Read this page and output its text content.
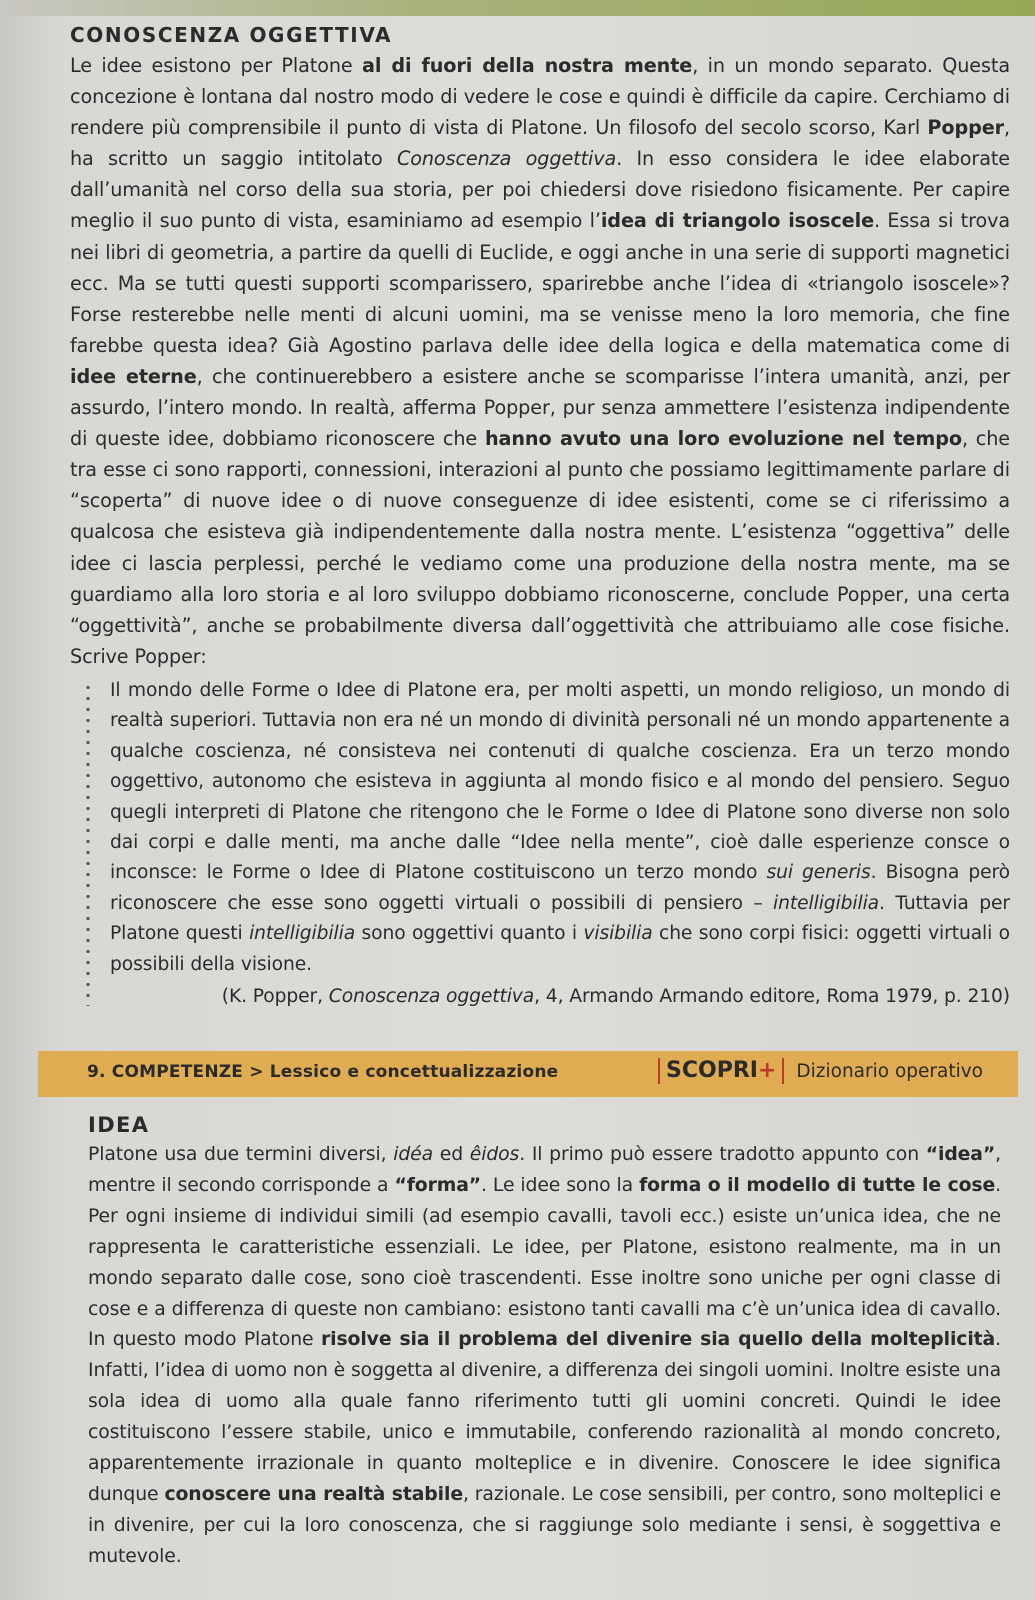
CONOSCENZA OGGETTIVA

Le idee esistono per Platone al di fuori della nostra mente, in un mondo separato. Questa concezione è lontana dal nostro modo di vedere le cose e quindi è difficile da capire. Cerchiamo di rendere più comprensibile il punto di vista di Platone. Un filosofo del secolo scorso, Karl Popper, ha scritto un saggio intitolato Conoscenza oggettiva. In esso considera le idee elaborate dall’umanità nel corso della sua storia, per poi chiedersi dove risiedono fisicamente. Per capire meglio il suo punto di vista, esaminiamo ad esempio l’idea di triangolo isoscele. Essa si trova nei libri di geometria, a partire da quelli di Euclide, e oggi anche in una serie di supporti magnetici ecc. Ma se tutti questi supporti scomparissero, sparirebbe anche l’idea di «triangolo isoscele»? Forse resterebbe nelle menti di alcuni uomini, ma se venisse meno la loro memoria, che fine farebbe questa idea? Già Agostino parlava delle idee della logica e della matematica come di idee eterne, che continuerebbero a esistere anche se scomparisse l’intera umanità, anzi, per assurdo, l’intero mondo. In realtà, afferma Popper, pur senza ammettere l’esistenza indipendente di queste idee, dobbiamo riconoscere che hanno avuto una loro evoluzione nel tempo, che tra esse ci sono rapporti, connessioni, interazioni al punto che possiamo legittimamente parlare di “scoperta” di nuove idee o di nuove conseguenze di idee esistenti, come se ci riferissimo a qualcosa che esisteva già indipendentemente dalla nostra mente. L’esistenza “oggettiva” delle idee ci lascia perplessi, perché le vediamo come una produzione della nostra mente, ma se guardiamo alla loro storia e al loro sviluppo dobbiamo riconoscerne, conclude Popper, una certa “oggettività”, anche se probabilmente diversa dall’oggettività che attribuiamo alle cose fisiche. Scrive Popper:

Il mondo delle Forme o Idee di Platone era, per molti aspetti, un mondo religioso, un mondo di realtà superiori. Tuttavia non era né un mondo di divinità personali né un mondo appartenente a qualche coscienza, né consisteva nei contenuti di qualche coscienza. Era un terzo mondo oggettivo, autonomo che esisteva in aggiunta al mondo fisico e al mondo del pensiero. Seguo quegli interpreti di Platone che ritengono che le Forme o Idee di Platone sono diverse non solo dai corpi e dalle menti, ma anche dalle “Idee nella mente”, cioè dalle esperienze consce o inconsce: le Forme o Idee di Platone costituiscono un terzo mondo sui generis. Bisogna però riconoscere che esse sono oggetti virtuali o possibili di pensiero – intelligibilia. Tuttavia per Platone questi intelligibilia sono oggettivi quanto i visibilia che sono corpi fisici: oggetti virtuali o possibili della visione.
(K. Popper, Conoscenza oggettiva, 4, Armando Armando editore, Roma 1979, p. 210)
9. COMPETENZE > Lessico e concettualizzazione	SCOPRI+	Dizionario operativo
IDEA

Platone usa due termini diversi, idéa ed êidos. Il primo può essere tradotto appunto con “idea”, mentre il secondo corrisponde a “forma”. Le idee sono la forma o il modello di tutte le cose. Per ogni insieme di individui simili (ad esempio cavalli, tavoli ecc.) esiste un’unica idea, che ne rappresenta le caratteristiche essenziali. Le idee, per Platone, esistono realmente, ma in un mondo separato dalle cose, sono cioè trascendenti. Esse inoltre sono uniche per ogni classe di cose e a differenza di queste non cambiano: esistono tanti cavalli ma c’è un’unica idea di cavallo. In questo modo Platone risolve sia il problema del divenire sia quello della molteplicità. Infatti, l’idea di uomo non è soggetta al divenire, a differenza dei singoli uomini. Inoltre esiste una sola idea di uomo alla quale fanno riferimento tutti gli uomini concreti. Quindi le idee costituiscono l’essere stabile, unico e immutabile, conferendo razionalità al mondo concreto, apparentemente irrazionale in quanto molteplice e in divenire. Conoscere le idee significa dunque conoscere una realtà stabile, razionale. Le cose sensibili, per contro, sono molteplici e in divenire, per cui la loro conoscenza, che si raggiunge solo mediante i sensi, è soggettiva e mutevole.
